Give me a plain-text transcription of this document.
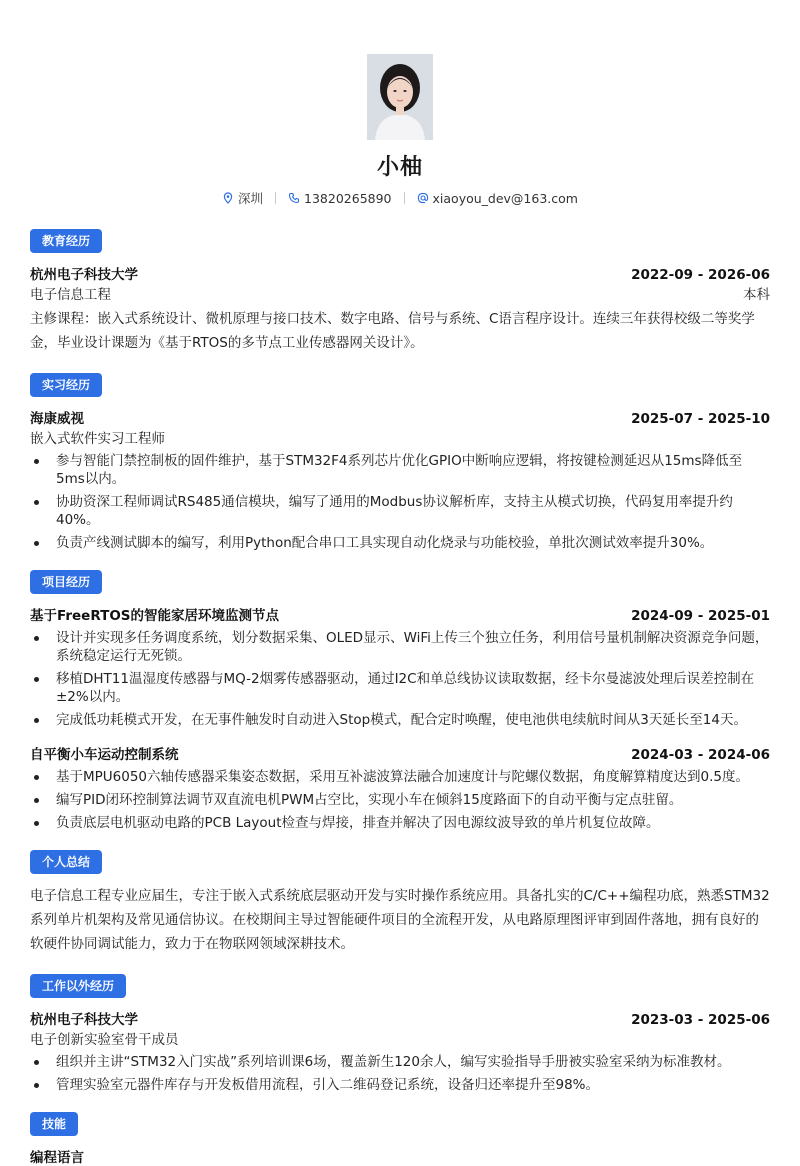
小柚
深圳	13820265890	xiaoyou_dev@163.com
教育经历
杭州电子科技大学	2022-09 - 2026-06
电子信息工程	本科
主修课程：嵌入式系统设计、微机原理与接口技术、数字电路、信号与系统、C语言程序设计。连续三年获得校级二等奖学金，毕业设计课题为《基于RTOS的多节点工业传感器网关设计》。
实习经历
海康威视	2025-07 - 2025-10
嵌入式软件实习工程师
参与智能门禁控制板的固件维护，基于STM32F4系列芯片优化GPIO中断响应逻辑，将按键检测延迟从15ms降低至5ms以内。
协助资深工程师调试RS485通信模块，编写了通用的Modbus协议解析库，支持主从模式切换，代码复用率提升约40%。
负责产线测试脚本的编写，利用Python配合串口工具实现自动化烧录与功能校验，单批次测试效率提升30%。
项目经历
基于FreeRTOS的智能家居环境监测节点	2024-09 - 2025-01
设计并实现多任务调度系统，划分数据采集、OLED显示、WiFi上传三个独立任务，利用信号量机制解决资源竞争问题，系统稳定运行无死锁。
移植DHT11温湿度传感器与MQ-2烟雾传感器驱动，通过I2C和单总线协议读取数据，经卡尔曼滤波处理后误差控制在±2%以内。
完成低功耗模式开发，在无事件触发时自动进入Stop模式，配合定时唤醒，使电池供电续航时间从3天延长至14天。
自平衡小车运动控制系统	2024-03 - 2024-06
基于MPU6050六轴传感器采集姿态数据，采用互补滤波算法融合加速度计与陀螺仪数据，角度解算精度达到0.5度。
编写PID闭环控制算法调节双直流电机PWM占空比，实现小车在倾斜15度路面下的自动平衡与定点驻留。
负责底层电机驱动电路的PCB Layout检查与焊接，排查并解决了因电源纹波导致的单片机复位故障。
个人总结
电子信息工程专业应届生，专注于嵌入式系统底层驱动开发与实时操作系统应用。具备扎实的C/C++编程功底，熟悉STM32系列单片机架构及常见通信协议。在校期间主导过智能硬件项目的全流程开发，从电路原理图评审到固件落地，拥有良好的软硬件协同调试能力，致力于在物联网领域深耕技术。
工作以外经历
杭州电子科技大学	2023-03 - 2025-06
电子创新实验室骨干成员
组织并主讲“STM32入门实战”系列培训课6场，覆盖新生120余人，编写实验指导手册被实验室采纳为标准教材。
管理实验室元器件库存与开发板借用流程，引入二维码登记系统，设备归还率提升至98%。
技能
编程语言
